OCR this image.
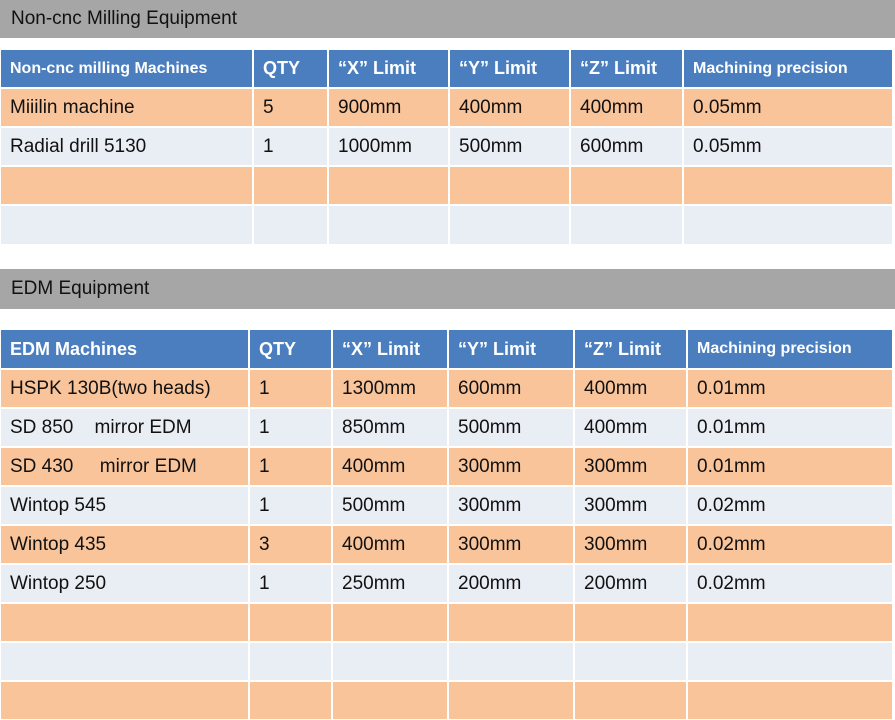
Non-cnc Milling Equipment
Non-cnc milling Machines	QTY	“X” Limit	“Y” Limit	“Z” Limit	Machining precision
Miiilin machine	5	900mm	400mm	400mm	0.05mm
Radial drill 5130	1	1000mm	500mm	600mm	0.05mm

EDM Equipment
EDM Machines	QTY	“X” Limit	“Y” Limit	“Z” Limit	Machining precision
HSPK 130B(two heads)	1	1300mm	600mm	400mm	0.01mm
SD 850    mirror EDM	1	850mm	500mm	400mm	0.01mm
SD 430     mirror EDM	1	400mm	300mm	300mm	0.01mm
Wintop 545	1	500mm	300mm	300mm	0.02mm
Wintop 435	3	400mm	300mm	300mm	0.02mm
Wintop 250	1	250mm	200mm	200mm	0.02mm
